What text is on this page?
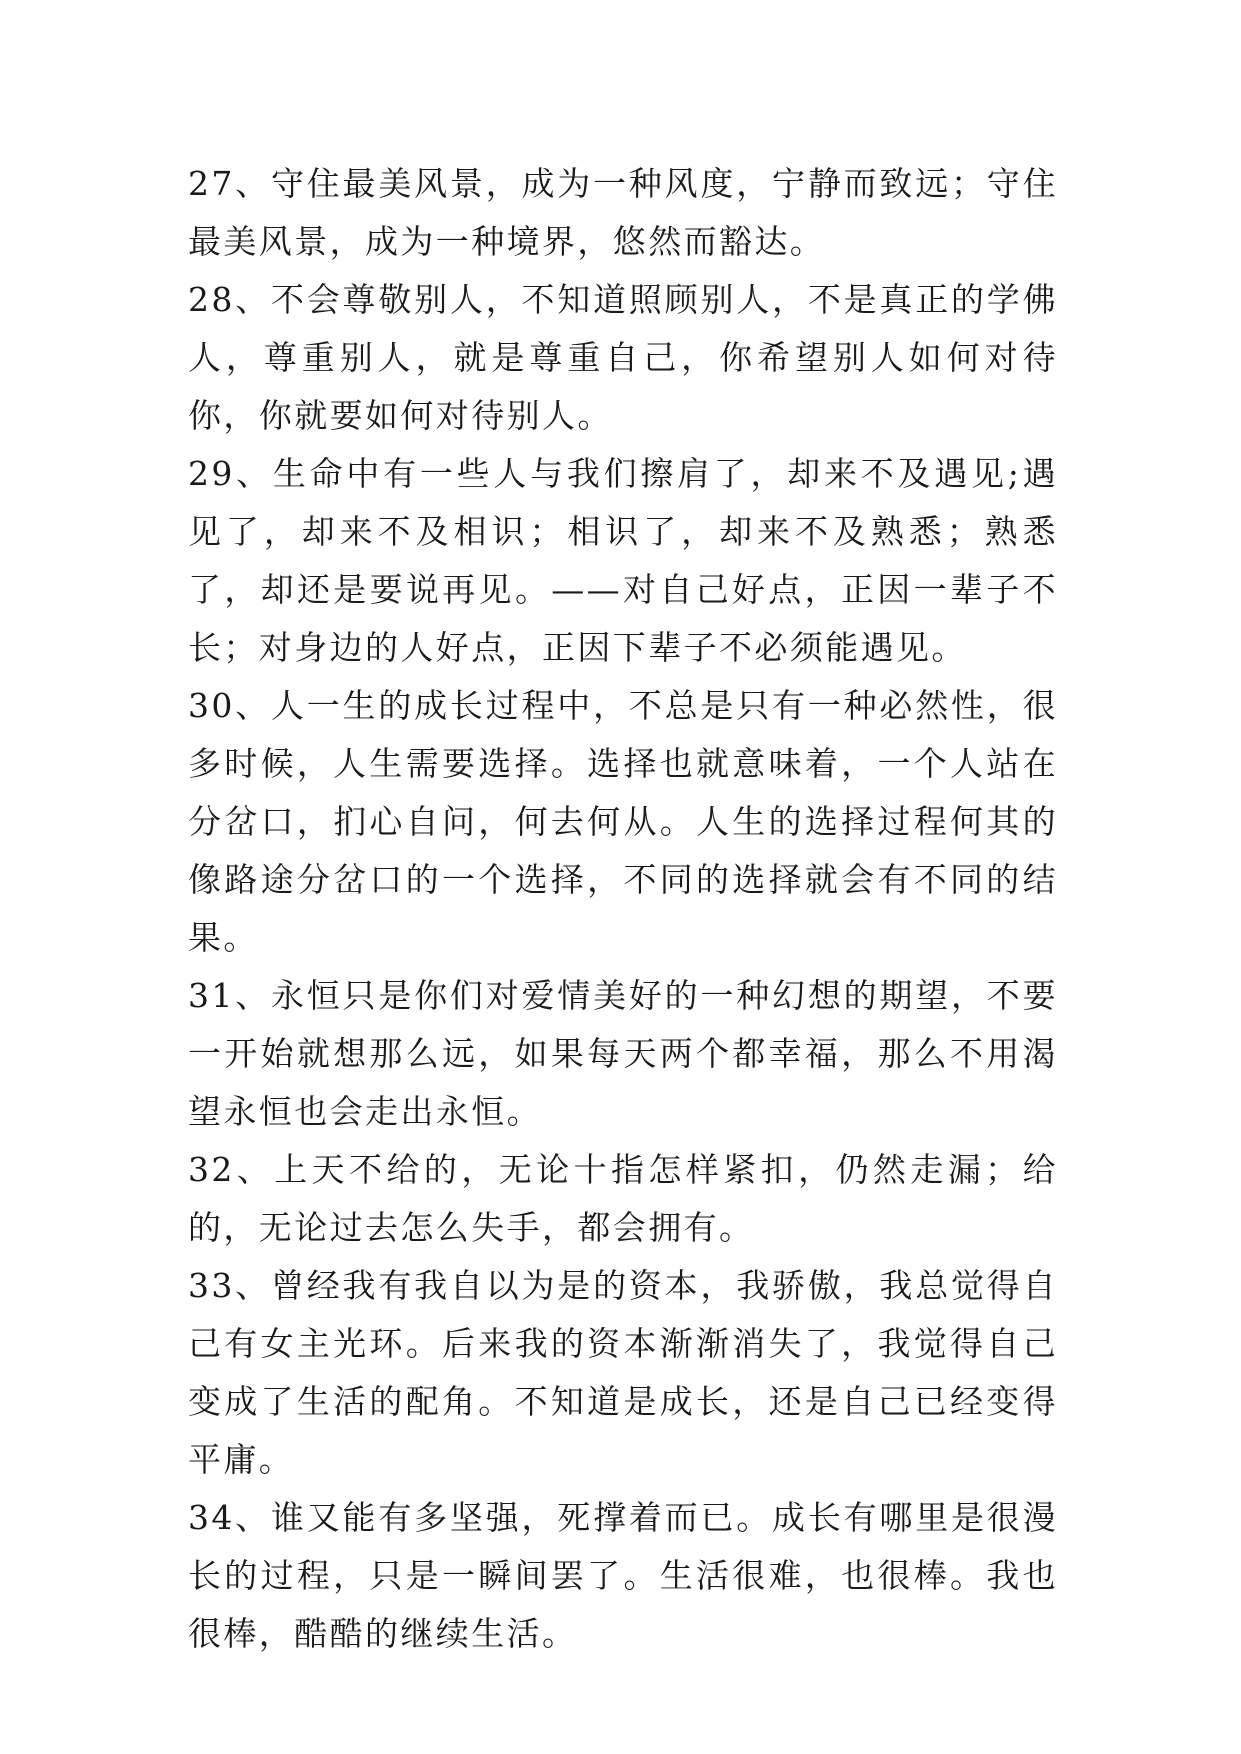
27、守住最美风景，成为一种风度，宁静而致远；守住最美风景，成为一种境界，悠然而豁达。

28、不会尊敬别人，不知道照顾别人，不是真正的学佛人，尊重别人，就是尊重自己，你希望别人如何对待你，你就要如何对待别人。

29、生命中有一些人与我们擦肩了，却来不及遇见;遇见了，却来不及相识；相识了，却来不及熟悉；熟悉了，却还是要说再见。——对自己好点，正因一辈子不长；对身边的人好点，正因下辈子不必须能遇见。

30、人一生的成长过程中，不总是只有一种必然性，很多时候，人生需要选择。选择也就意味着，一个人站在分岔口，扪心自问，何去何从。人生的选择过程何其的像路途分岔口的一个选择，不同的选择就会有不同的结果。

31、永恒只是你们对爱情美好的一种幻想的期望，不要一开始就想那么远，如果每天两个都幸福，那么不用渴望永恒也会走出永恒。

32、上天不给的，无论十指怎样紧扣，仍然走漏；给的，无论过去怎么失手，都会拥有。

33、曾经我有我自以为是的资本，我骄傲，我总觉得自己有女主光环。后来我的资本渐渐消失了，我觉得自己变成了生活的配角。不知道是成长，还是自己已经变得平庸。

34、谁又能有多坚强，死撑着而已。成长有哪里是很漫长的过程，只是一瞬间罢了。生活很难，也很棒。我也很棒，酷酷的继续生活。
